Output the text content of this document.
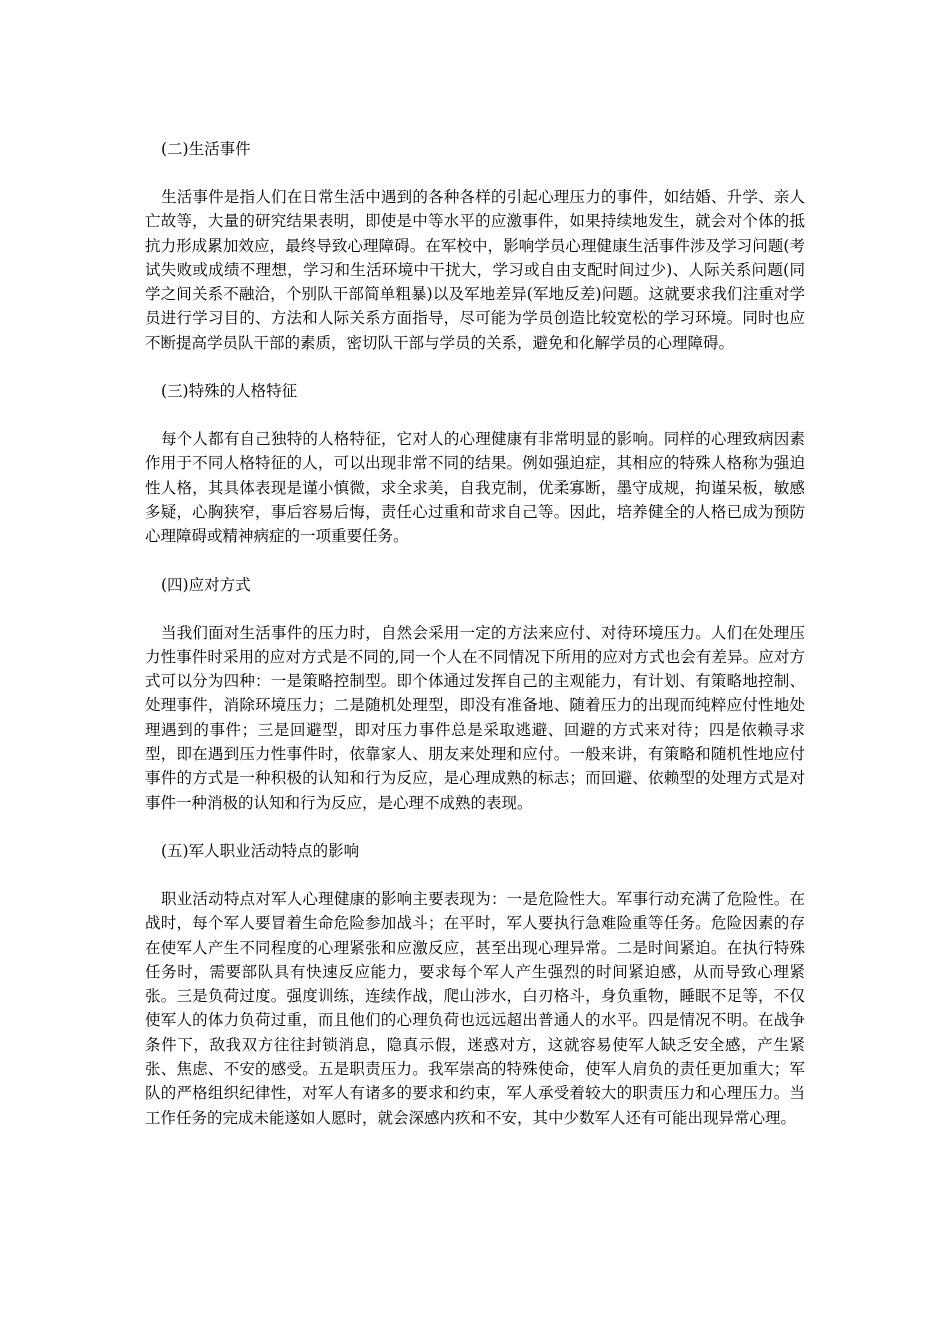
(二)生活事件

生活事件是指人们在日常生活中遇到的各种各样的引起心理压力的事件，如结婚、升学、亲人亡故等，大量的研究结果表明，即使是中等水平的应激事件，如果持续地发生，就会对个体的抵抗力形成累加效应，最终导致心理障碍。在军校中，影响学员心理健康生活事件涉及学习问题(考试失败或成绩不理想，学习和生活环境中干扰大，学习或自由支配时间过少)、人际关系问题(同学之间关系不融洽，个别队干部简单粗暴)以及军地差异(军地反差)问题。这就要求我们注重对学员进行学习目的、方法和人际关系方面指导，尽可能为学员创造比较宽松的学习环境。同时也应不断提高学员队干部的素质，密切队干部与学员的关系，避免和化解学员的心理障碍。

(三)特殊的人格特征

每个人都有自己独特的人格特征，它对人的心理健康有非常明显的影响。同样的心理致病因素作用于不同人格特征的人，可以出现非常不同的结果。例如强迫症，其相应的特殊人格称为强迫性人格，其具体表现是谨小慎微，求全求美，自我克制，优柔寡断，墨守成规，拘谨呆板，敏感多疑，心胸狭窄，事后容易后悔，责任心过重和苛求自己等。因此，培养健全的人格已成为预防心理障碍或精神病症的一项重要任务。

(四)应对方式

当我们面对生活事件的压力时，自然会采用一定的方法来应付、对待环境压力。人们在处理压力性事件时采用的应对方式是不同的,同一个人在不同情况下所用的应对方式也会有差异。应对方式可以分为四种：一是策略控制型。即个体通过发挥自己的主观能力，有计划、有策略地控制、处理事件，消除环境压力；二是随机处理型，即没有准备地、随着压力的出现而纯粹应付性地处理遇到的事件；三是回避型，即对压力事件总是采取逃避、回避的方式来对待；四是依赖寻求型，即在遇到压力性事件时，依靠家人、朋友来处理和应付。一般来讲，有策略和随机性地应付事件的方式是一种积极的认知和行为反应，是心理成熟的标志；而回避、依赖型的处理方式是对事件一种消极的认知和行为反应，是心理不成熟的表现。

(五)军人职业活动特点的影响

职业活动特点对军人心理健康的影响主要表现为：一是危险性大。军事行动充满了危险性。在战时，每个军人要冒着生命危险参加战斗；在平时，军人要执行急难险重等任务。危险因素的存在使军人产生不同程度的心理紧张和应激反应，甚至出现心理异常。二是时间紧迫。在执行特殊任务时，需要部队具有快速反应能力，要求每个军人产生强烈的时间紧迫感，从而导致心理紧张。三是负荷过度。强度训练，连续作战，爬山涉水，白刃格斗，身负重物，睡眠不足等，不仅使军人的体力负荷过重，而且他们的心理负荷也远远超出普通人的水平。四是情况不明。在战争条件下，敌我双方往往封锁消息，隐真示假，迷惑对方，这就容易使军人缺乏安全感，产生紧张、焦虑、不安的感受。五是职责压力。我军崇高的特殊使命，使军人肩负的责任更加重大；军队的严格组织纪律性，对军人有诸多的要求和约束，军人承受着较大的职责压力和心理压力。当工作任务的完成未能遂如人愿时，就会深感内疚和不安，其中少数军人还有可能出现异常心理。
